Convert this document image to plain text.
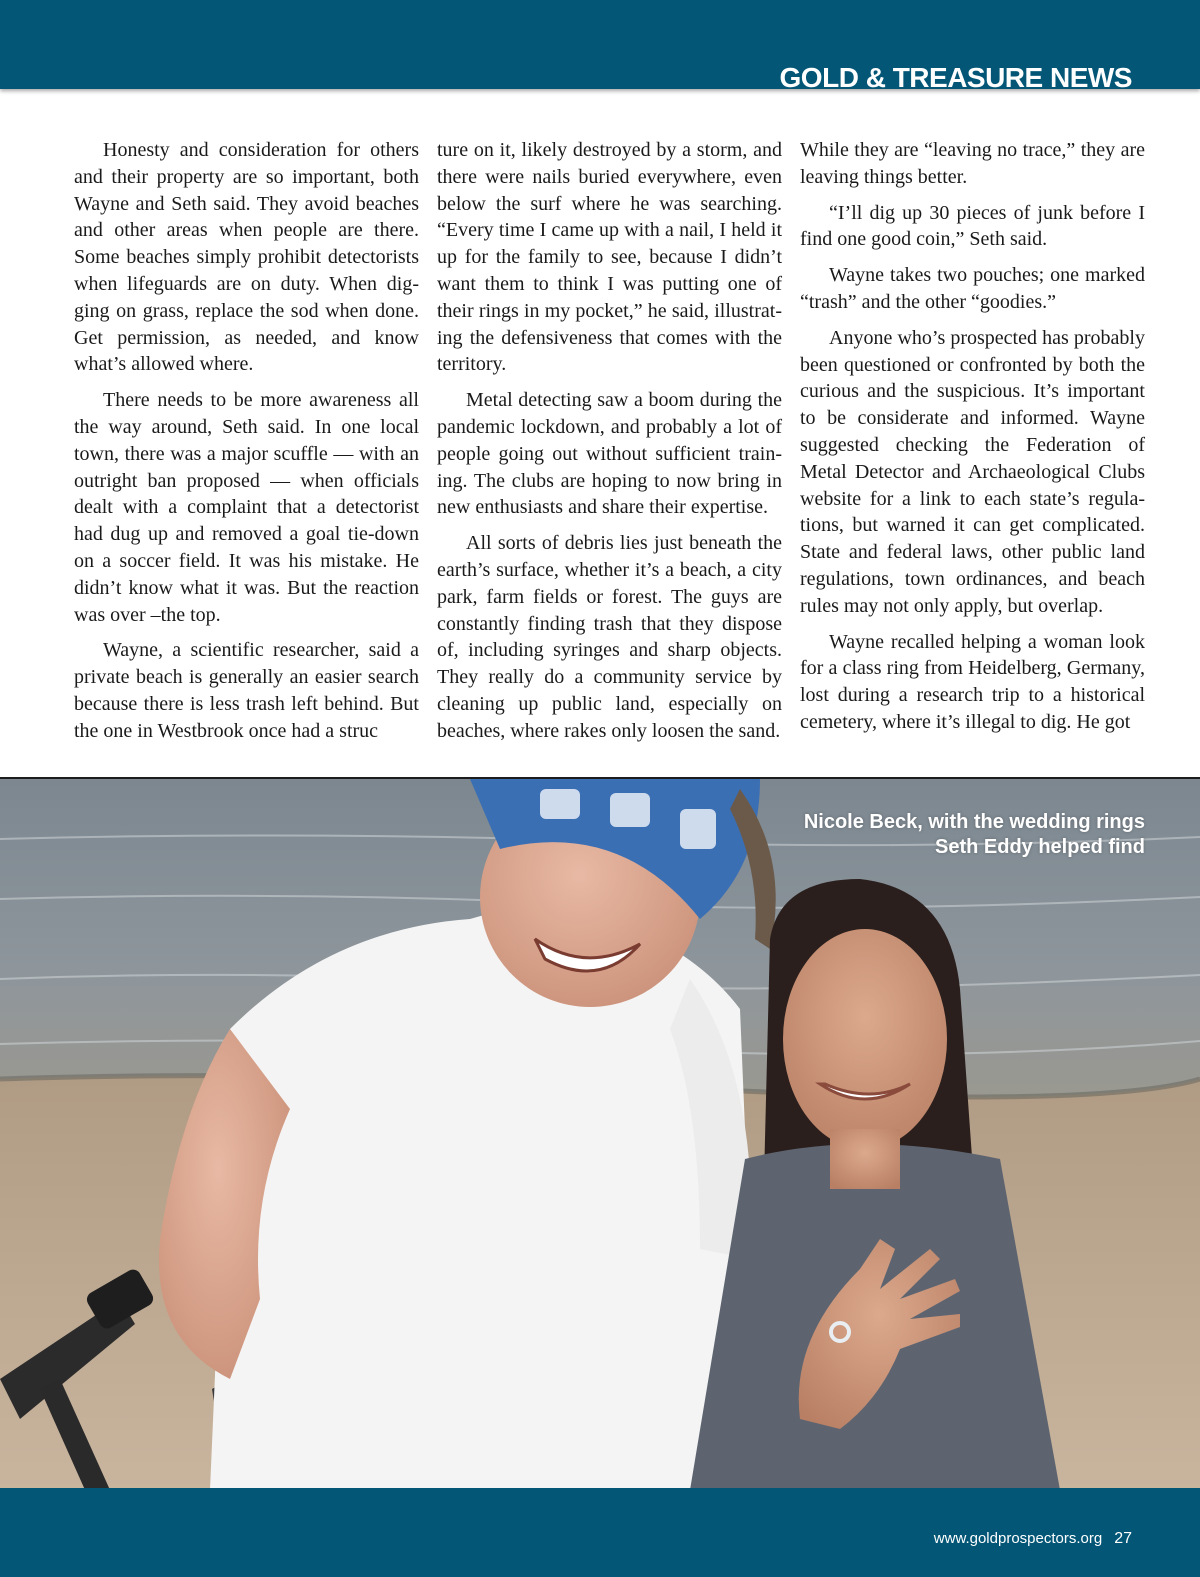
GOLD & TREASURE NEWS

Honesty and consideration for others and their property are so important, both Wayne and Seth said. They avoid beaches and other areas when people are there. Some beaches simply prohibit detectorists when lifeguards are on duty. When digging on grass, replace the sod when done. Get permission, as needed, and know what’s allowed where.

There needs to be more awareness all the way around, Seth said. In one local town, there was a major scuffle — with an outright ban proposed — when officials dealt with a complaint that a detectorist had dug up and removed a goal tie-down on a soccer field. It was his mistake. He didn’t know what it was. But the reaction was over –the top.

Wayne, a scientific researcher, said a private beach is generally an easier search because there is less trash left behind. But the one in Westbrook once had a struc

ture on it, likely destroyed by a storm, and there were nails buried everywhere, even below the surf where he was searching. “Every time I came up with a nail, I held it up for the family to see, because I didn’t want them to think I was putting one of their rings in my pocket,” he said, illustrating the defensiveness that comes with the territory.

Metal detecting saw a boom during the pandemic lockdown, and probably a lot of people going out without sufficient training. The clubs are hoping to now bring in new enthusiasts and share their expertise.

All sorts of debris lies just beneath the earth’s surface, whether it’s a beach, a city park, farm fields or forest. The guys are constantly finding trash that they dispose of, including syringes and sharp objects. They really do a community service by cleaning up public land, especially on beaches, where rakes only loosen the sand.

While they are “leaving no trace,” they are leaving things better.

“I’ll dig up 30 pieces of junk before I find one good coin,” Seth said.

Wayne takes two pouches; one marked “trash” and the other “goodies.”

Anyone who’s prospected has probably been questioned or confronted by both the curious and the suspicious. It’s important to be considerate and informed. Wayne suggested checking the Federation of Metal Detector and Archaeological Clubs website for a link to each state’s regulations, but warned it can get complicated. State and federal laws, other public land regulations, town ordinances, and beach rules may not only apply, but overlap.

Wayne recalled helping a woman look for a class ring from Heidelberg, Germany, lost during a research trip to a historical cemetery, where it’s illegal to dig. He got

Nicole Beck, with the wedding rings Seth Eddy helped find
www.goldprospectors.org 27
